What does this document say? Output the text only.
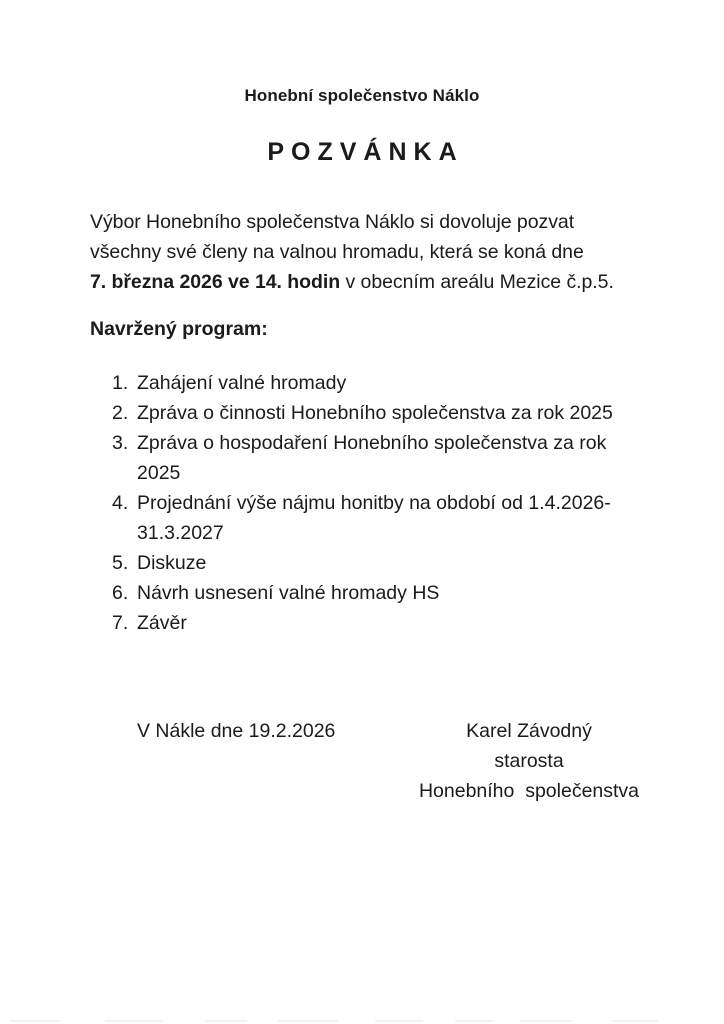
Honební společenstvo Náklo
POZVÁNKA
Výbor Honebního společenstva Náklo si dovoluje pozvat
všechny své členy na valnou hromadu, která se koná dne
7. března 2026 ve 14. hodin v obecním areálu Mezice č.p.5.
Navržený program:
1. Zahájení valné hromady
2. Zpráva o činnosti Honebního společenstva za rok 2025
3. Zpráva o hospodaření Honebního společenstva za rok
2025
4. Projednání výše nájmu honitby na období od 1.4.2026-
31.3.2027
5. Diskuze
6. Návrh usnesení valné hromady HS
7. Závěr
V Nákle dne 19.2.2026	Karel Závodný
starosta
Honebního  společenstva
